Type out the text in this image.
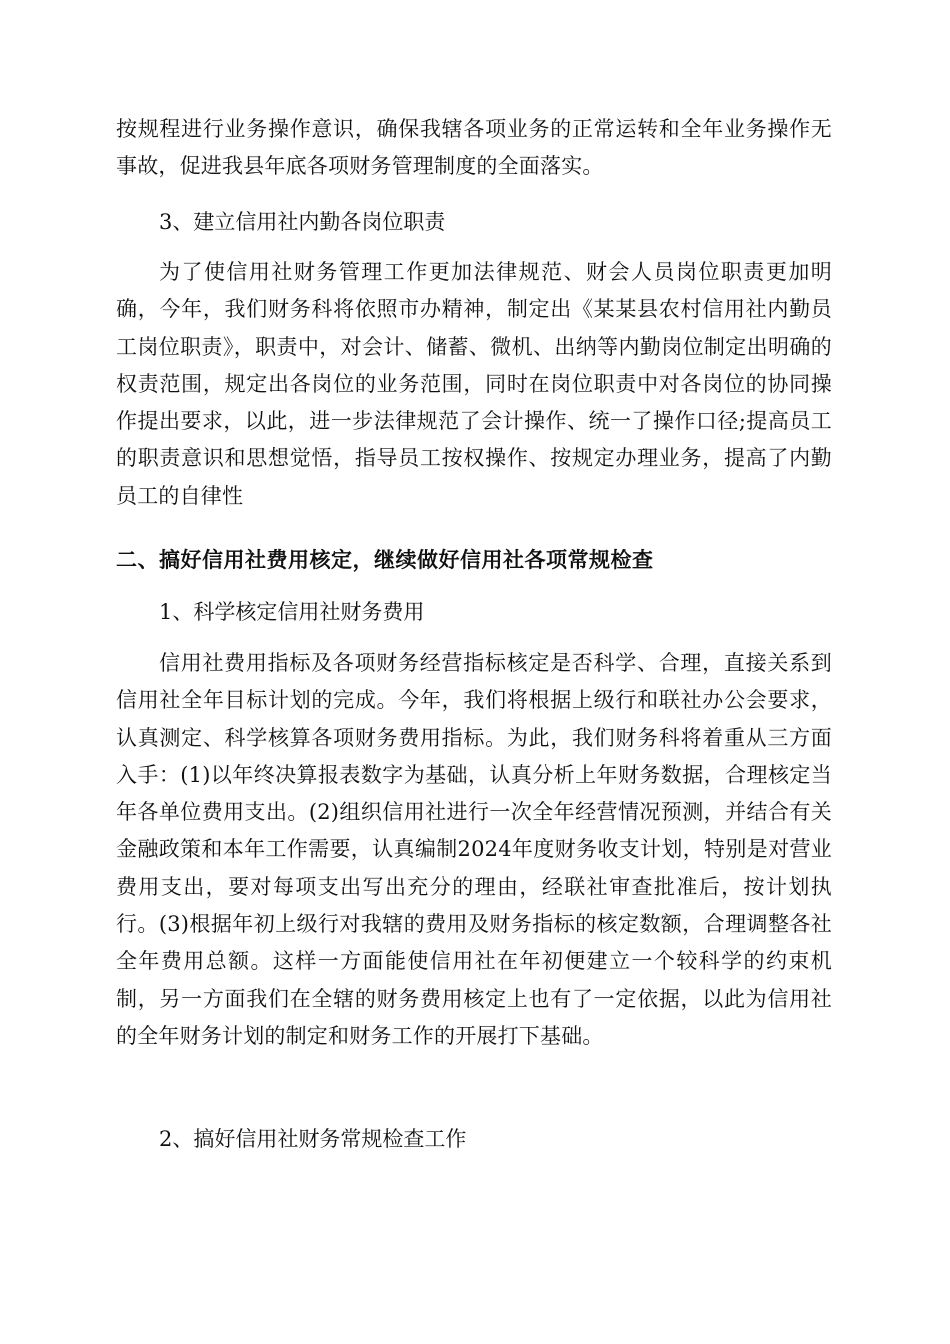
按规程进行业务操作意识，确保我辖各项业务的正常运转和全年业务操作无事故，促进我县年底各项财务管理制度的全面落实。

3、建立信用社内勤各岗位职责

为了使信用社财务管理工作更加法律规范、财会人员岗位职责更加明确，今年，我们财务科将依照市办精神，制定出《某某县农村信用社内勤员工岗位职责》，职责中，对会计、储蓄、微机、出纳等内勤岗位制定出明确的权责范围，规定出各岗位的业务范围，同时在岗位职责中对各岗位的协同操作提出要求，以此，进一步法律规范了会计操作、统一了操作口径;提高员工的职责意识和思想觉悟，指导员工按权操作、按规定办理业务，提高了内勤员工的自律性

二、搞好信用社费用核定，继续做好信用社各项常规检查

1、科学核定信用社财务费用

信用社费用指标及各项财务经营指标核定是否科学、合理，直接关系到信用社全年目标计划的完成。今年，我们将根据上级行和联社办公会要求，认真测定、科学核算各项财务费用指标。为此，我们财务科将着重从三方面入手：(1)以年终决算报表数字为基础，认真分析上年财务数据，合理核定当年各单位费用支出。(2)组织信用社进行一次全年经营情况预测，并结合有关金融政策和本年工作需要，认真编制2024年度财务收支计划，特别是对营业费用支出，要对每项支出写出充分的理由，经联社审查批准后，按计划执行。(3)根据年初上级行对我辖的费用及财务指标的核定数额，合理调整各社全年费用总额。这样一方面能使信用社在年初便建立一个较科学的约束机制，另一方面我们在全辖的财务费用核定上也有了一定依据，以此为信用社的全年财务计划的制定和财务工作的开展打下基础。

2、搞好信用社财务常规检查工作
